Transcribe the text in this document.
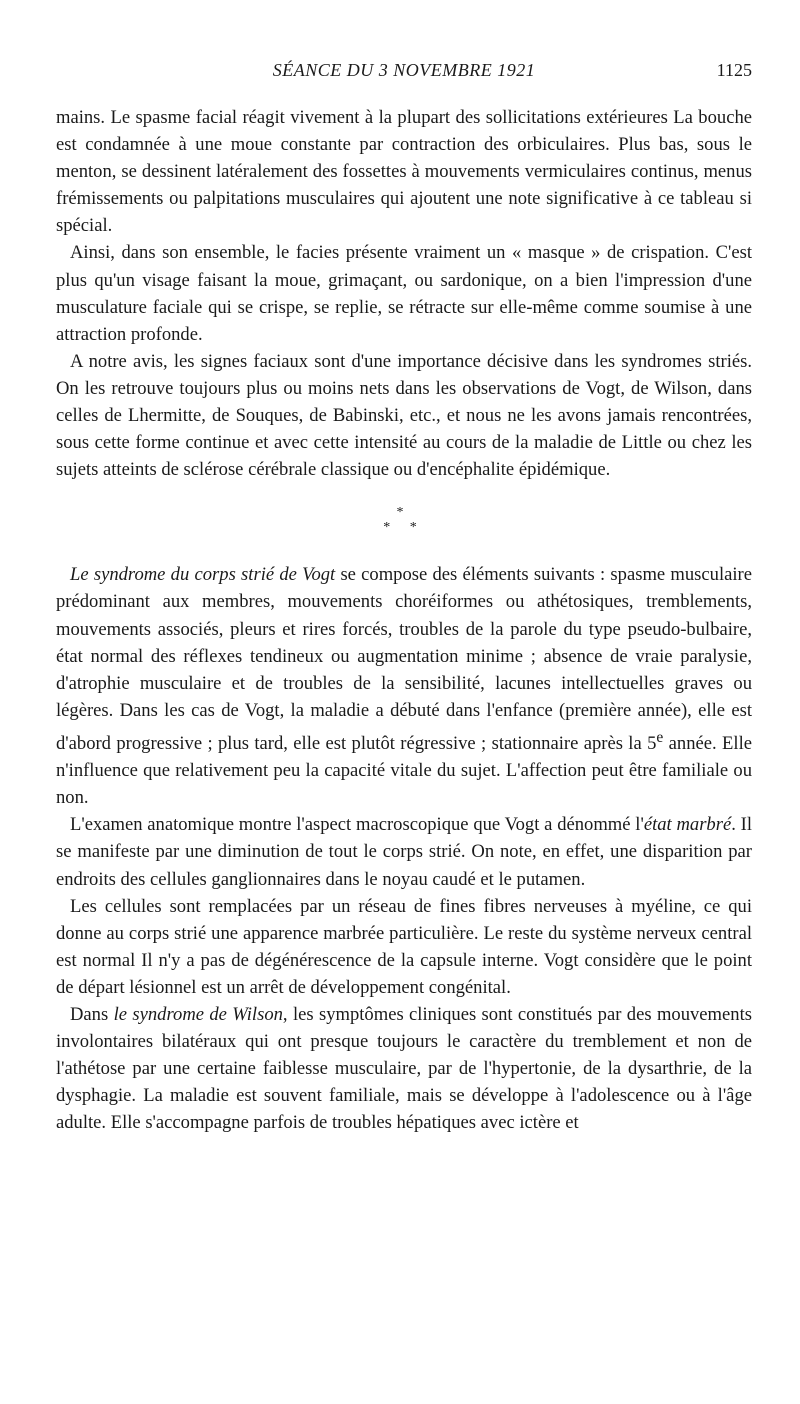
SÉANCE DU 3 NOVEMBRE 1921	1125

mains. Le spasme facial réagit vivement à la plupart des sollicitations extérieures La bouche est condamnée à une moue constante par contraction des orbiculaires. Plus bas, sous le menton, se dessinent latéralement des fossettes à mouvements vermiculaires continus, menus frémissements ou palpitations musculaires qui ajoutent une note significative à ce tableau si spécial.

Ainsi, dans son ensemble, le facies présente vraiment un « masque » de crispation. C'est plus qu'un visage faisant la moue, grimaçant, ou sardonique, on a bien l'impression d'une musculature faciale qui se crispe, se replie, se rétracte sur elle-même comme soumise à une attraction profonde.

A notre avis, les signes faciaux sont d'une importance décisive dans les syndromes striés. On les retrouve toujours plus ou moins nets dans les observations de Vogt, de Wilson, dans celles de Lhermitte, de Souques, de Babinski, etc., et nous ne les avons jamais rencontrées, sous cette forme continue et avec cette intensité au cours de la maladie de Little ou chez les sujets atteints de sclérose cérébrale classique ou d'encéphalite épidémique.

*
* *

Le syndrome du corps strié de Vogt se compose des éléments suivants : spasme musculaire prédominant aux membres, mouvements choréiformes ou athétosiques, tremblements, mouvements associés, pleurs et rires forcés, troubles de la parole du type pseudo-bulbaire, état normal des réflexes tendineux ou augmentation minime ; absence de vraie paralysie, d'atrophie musculaire et de troubles de la sensibilité, lacunes intellectuelles graves ou légères. Dans les cas de Vogt, la maladie a débuté dans l'enfance (première année), elle est d'abord progressive ; plus tard, elle est plutôt régressive ; stationnaire après la 5e année. Elle n'influence que relativement peu la capacité vitale du sujet. L'affection peut être familiale ou non.

L'examen anatomique montre l'aspect macroscopique que Vogt a dénommé l'état marbré. Il se manifeste par une diminution de tout le corps strié. On note, en effet, une disparition par endroits des cellules ganglionnaires dans le noyau caudé et le putamen.

Les cellules sont remplacées par un réseau de fines fibres nerveuses à myéline, ce qui donne au corps strié une apparence marbrée particulière. Le reste du système nerveux central est normal Il n'y a pas de dégénérescence de la capsule interne. Vogt considère que le point de départ lésionnel est un arrêt de développement congénital.

Dans le syndrome de Wilson, les symptômes cliniques sont constitués par des mouvements involontaires bilatéraux qui ont presque toujours le caractère du tremblement et non de l'athétose par une certaine faiblesse musculaire, par de l'hypertonie, de la dysarthrie, de la dysphagie. La maladie est souvent familiale, mais se développe à l'adolescence ou à l'âge adulte. Elle s'accompagne parfois de troubles hépatiques avec ictère et
